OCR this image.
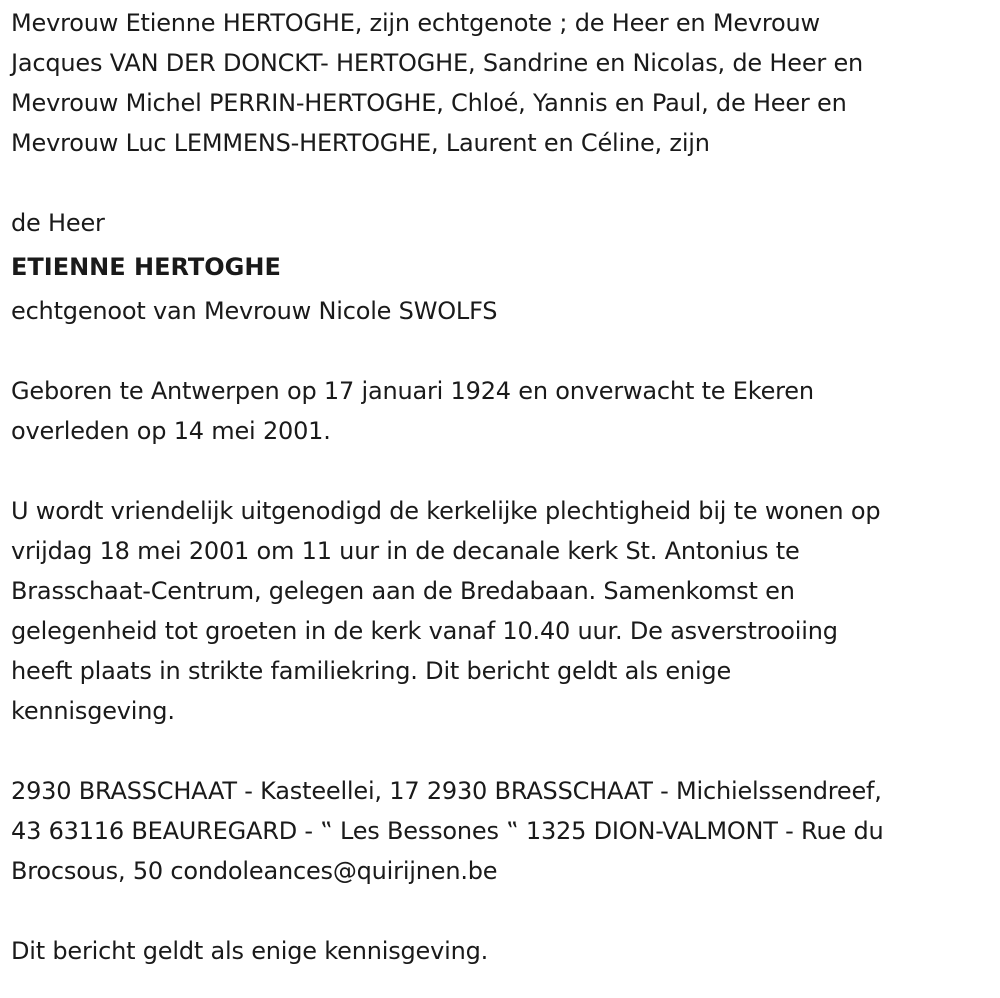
Mevrouw Etienne HERTOGHE, zijn echtgenote ; de Heer en Mevrouw
Jacques VAN DER DONCKT- HERTOGHE, Sandrine en Nicolas, de Heer en
Mevrouw Michel PERRIN-HERTOGHE, Chloé, Yannis en Paul, de Heer en
Mevrouw Luc LEMMENS-HERTOGHE, Laurent en Céline, zijn
de Heer
ETIENNE HERTOGHE
echtgenoot van Mevrouw Nicole SWOLFS
Geboren te Antwerpen op 17 januari 1924 en onverwacht te Ekeren
overleden op 14 mei 2001.
U wordt vriendelijk uitgenodigd de kerkelijke plechtigheid bij te wonen op
vrijdag 18 mei 2001 om 11 uur in de decanale kerk St. Antonius te
Brasschaat-Centrum, gelegen aan de Bredabaan. Samenkomst en
gelegenheid tot groeten in de kerk vanaf 10.40 uur. De asverstrooiing
heeft plaats in strikte familiekring. Dit bericht geldt als enige
kennisgeving.
2930 BRASSCHAAT - Kasteellei, 17 2930 BRASSCHAAT - Michielssendreef,
43 63116 BEAUREGARD - ‟ Les Bessones ‟ 1325 DION-VALMONT - Rue du
Brocsous, 50 condoleances@quirijnen.be
Dit bericht geldt als enige kennisgeving.
